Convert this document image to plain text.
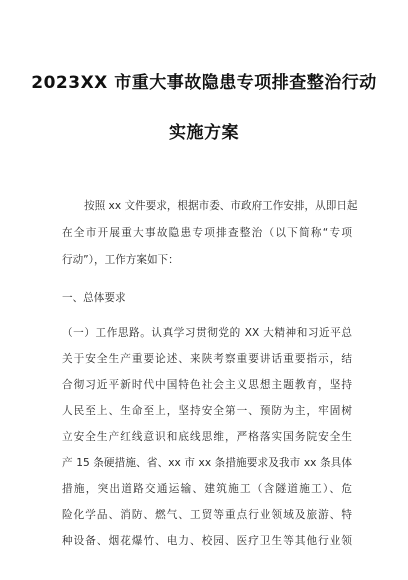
2023XX 市重大事故隐患专项排查整治行动
实施方案
按照 xx 文件要求，根据市委、市政府工作安排，从即日起
在全市开展重大事故隐患专项排查整治（以下简称“专项
行动”），工作方案如下：
一、总体要求
（一）工作思路。认真学习贯彻党的 XX 大精神和习近平总
关于安全生产重要论述、来陕考察重要讲话重要指示，结
合彻习近平新时代中国特色社会主义思想主题教育，坚持
人民至上、生命至上，坚持安全第一、预防为主，牢固树
立安全生产红线意识和底线思维，严格落实国务院安全生
产 15 条硬措施、省、xx 市 xx 条措施要求及我市 xx 条具体
措施，突出道路交通运输、建筑施工（含隧道施工）、危
险化学品、消防、燃气、工贸等重点行业领域及旅游、特
种设备、烟花爆竹、电力、校园、医疗卫生等其他行业领
